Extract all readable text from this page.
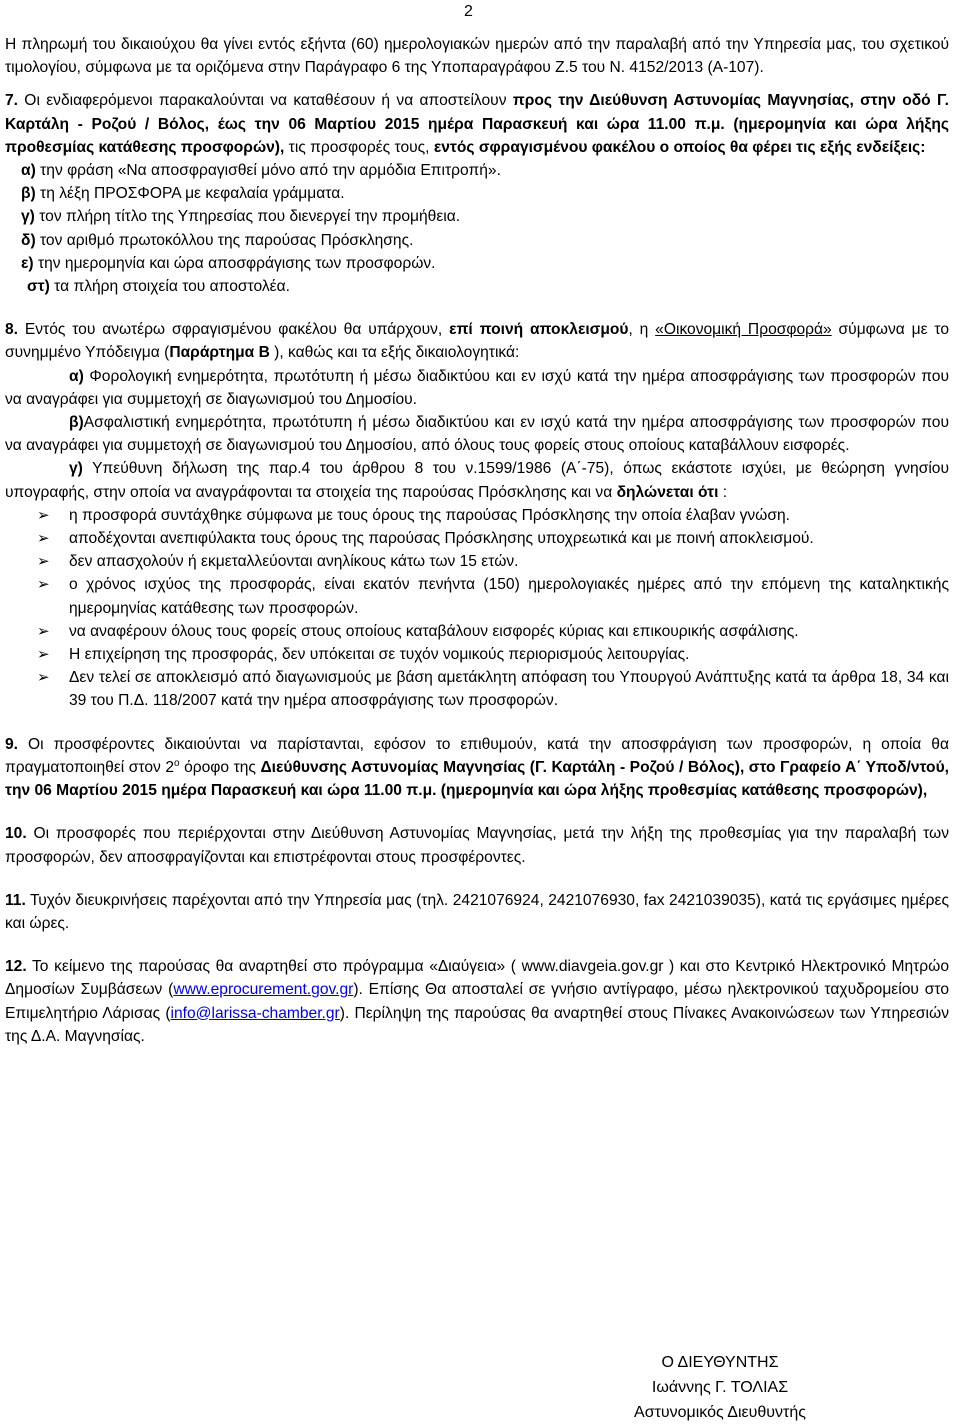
2

Η πληρωμή του δικαιούχου θα γίνει εντός εξήντα (60) ημερολογιακών ημερών από την παραλαβή από την Υπηρεσία μας, του σχετικού τιμολογίου, σύμφωνα με τα οριζόμενα στην Παράγραφο 6 της Υποπαραγράφου Ζ.5 του Ν. 4152/2013 (Α-107).

7. Οι ενδιαφερόμενοι παρακαλούνται να καταθέσουν ή να αποστείλουν προς την Διεύθυνση Αστυνομίας Μαγνησίας, στην οδό Γ. Καρτάλη - Ροζού / Βόλος, έως την 06 Μαρτίου 2015 ημέρα Παρασκευή και ώρα 11.00 π.μ. (ημερομηνία και ώρα λήξης προθεσμίας κατάθεσης προσφορών), τις προσφορές τους, εντός σφραγισμένου φακέλου ο οποίος θα φέρει τις εξής ενδείξεις:

α) την φράση «Να αποσφραγισθεί μόνο από την αρμόδια Επιτροπή».

β) τη λέξη ΠΡΟΣΦΟΡΑ με κεφαλαία γράμματα.

γ) τον πλήρη τίτλο της Υπηρεσίας που διενεργεί την προμήθεια.

δ) τον αριθμό πρωτοκόλλου της παρούσας Πρόσκλησης.

ε) την ημερομηνία και ώρα αποσφράγισης των προσφορών.

στ) τα πλήρη στοιχεία του αποστολέα.

8. Εντός του ανωτέρω σφραγισμένου φακέλου θα υπάρχουν, επί ποινή αποκλεισμού, η «Οικονομική Προσφορά» σύμφωνα με το συνημμένο Υπόδειγμα (Παράρτημα Β ), καθώς και τα εξής δικαιολογητικά:

α) Φορολογική ενημερότητα, πρωτότυπη ή μέσω διαδικτύου και εν ισχύ κατά την ημέρα αποσφράγισης των προσφορών που να αναγράφει για συμμετοχή σε διαγωνισμού του Δημοσίου.

β)Ασφαλιστική ενημερότητα, πρωτότυπη ή μέσω διαδικτύου και εν ισχύ κατά την ημέρα αποσφράγισης των προσφορών που να αναγράφει για συμμετοχή σε διαγωνισμού του Δημοσίου, από όλους τους φορείς στους οποίους καταβάλλουν εισφορές.

γ) Υπεύθυνη δήλωση της παρ.4 του άρθρου 8 του ν.1599/1986 (Α΄-75), όπως εκάστοτε ισχύει, με θεώρηση γνησίου υπογραφής, στην οποία να αναγράφονται τα στοιχεία της παρούσας Πρόσκλησης και να δηλώνεται ότι :

➢ η προσφορά συντάχθηκε σύμφωνα με τους όρους της παρούσας Πρόσκλησης την οποία έλαβαν γνώση.
➢ αποδέχονται ανεπιφύλακτα τους όρους της παρούσας Πρόσκλησης υποχρεωτικά και με ποινή αποκλεισμού.
➢ δεν απασχολούν ή εκμεταλλεύονται ανηλίκους κάτω των 15 ετών.
➢ ο χρόνος ισχύος της προσφοράς, είναι εκατόν πενήντα (150) ημερολογιακές ημέρες από την επόμενη της καταληκτικής ημερομηνίας κατάθεσης των προσφορών.
➢ να αναφέρουν όλους τους φορείς στους οποίους καταβάλουν εισφορές κύριας και επικουρικής ασφάλισης.
➢ Η επιχείρηση της προσφοράς, δεν υπόκειται σε τυχόν νομικούς περιορισμούς λειτουργίας.
➢ Δεν τελεί σε αποκλεισμό από διαγωνισμούς με βάση αμετάκλητη απόφαση του Υπουργού Ανάπτυξης κατά τα άρθρα 18, 34 και 39 του Π.Δ. 118/2007 κατά την ημέρα αποσφράγισης των προσφορών.

9. Οι προσφέροντες δικαιούνται να παρίστανται, εφόσον το επιθυμούν, κατά την αποσφράγιση των προσφορών, η οποία θα πραγματοποιηθεί στον $2^o$ όροφο της Διεύθυνσης Αστυνομίας Μαγνησίας (Γ. Καρτάλη - Ροζού / Βόλος), στο Γραφείο Α΄ Υποδ/ντού, την 06 Μαρτίου 2015 ημέρα Παρασκευή και ώρα 11.00 π.μ. (ημερομηνία και ώρα λήξης προθεσμίας κατάθεσης προσφορών),

10. Οι προσφορές που περιέρχονται στην Διεύθυνση Αστυνομίας Μαγνησίας, μετά την λήξη της προθεσμίας για την παραλαβή των προσφορών, δεν αποσφραγίζονται και επιστρέφονται στους προσφέροντες.

11. Τυχόν διευκρινήσεις παρέχονται από την Υπηρεσία μας (τηλ. 2421076924, 2421076930, fax 2421039035), κατά τις εργάσιμες ημέρες και ώρες.

12. Το κείμενο της παρούσας θα αναρτηθεί στο πρόγραμμα «Διαύγεια» ( www.diavgeia.gov.gr ) και στο Κεντρικό Ηλεκτρονικό Μητρώο Δημοσίων Συμβάσεων (www.eprocurement.gov.gr). Επίσης Θα αποσταλεί σε γνήσιο αντίγραφο, μέσω ηλεκτρονικού ταχυδρομείου στο Επιμελητήριο Λάρισας (info@larissa-chamber.gr). Περίληψη της παρούσας θα αναρτηθεί στους Πίνακες Ανακοινώσεων των Υπηρεσιών της Δ.Α. Μαγνησίας.

Ο ΔΙΕΥΘΥΝΤΗΣ
Ιωάννης Γ. ΤΟΛΙΑΣ
Αστυνομικός Διευθυντής
